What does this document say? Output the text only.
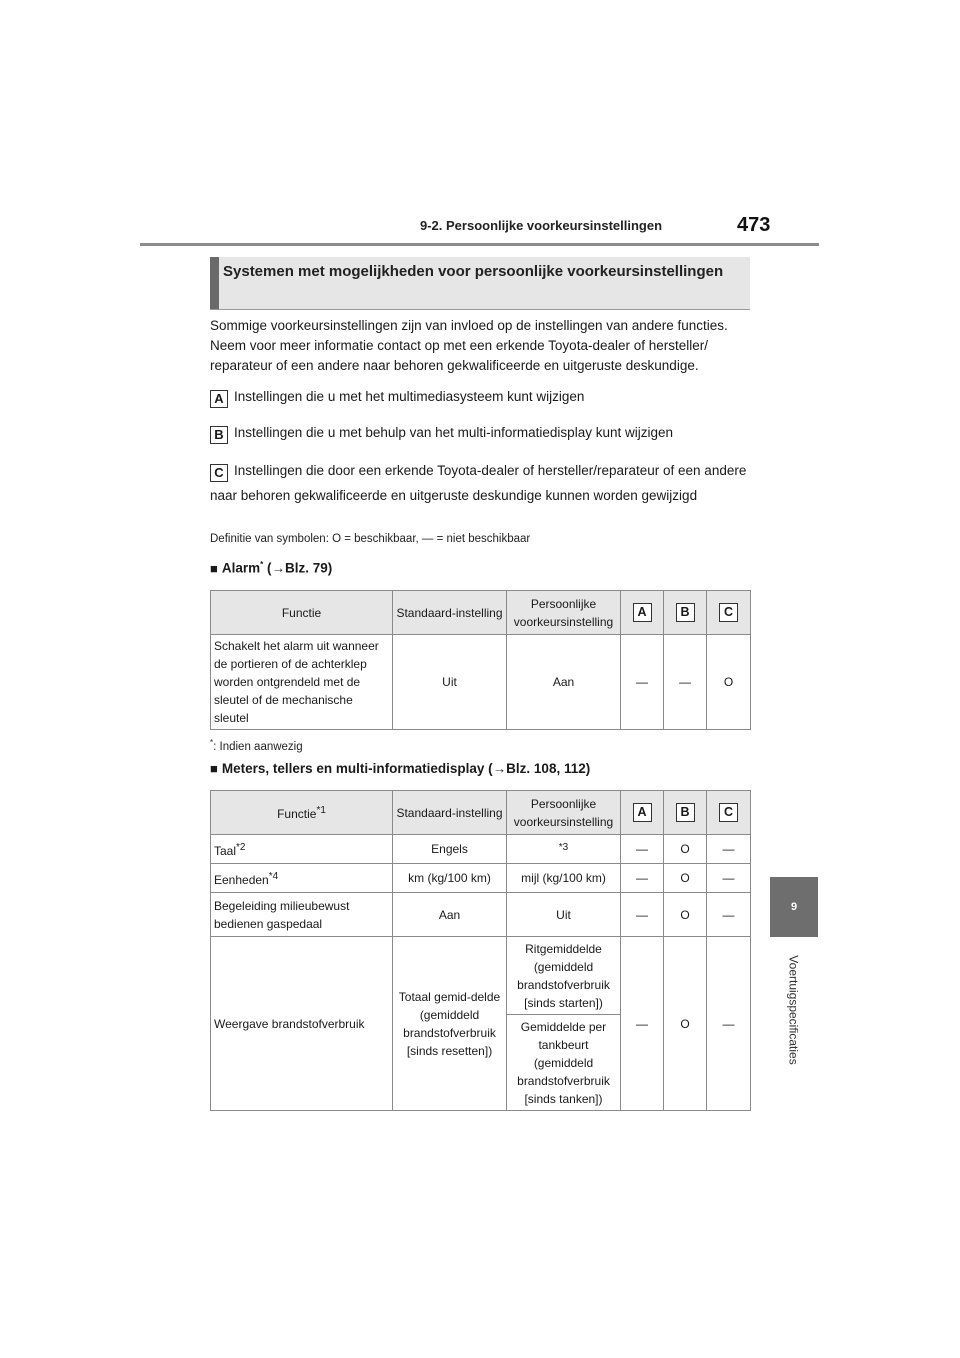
9-2. Persoonlijke voorkeursinstellingen	473
9
Voertuigspecificaties
Systemen met mogelijkheden voor persoonlijke voorkeursinstellingen
Sommige voorkeursinstellingen zijn van invloed op de instellingen van andere functies. Neem voor meer informatie contact op met een erkende Toyota-dealer of hersteller/ reparateur of een andere naar behoren gekwalificeerde en uitgeruste deskundige.
A Instellingen die u met het multimediasysteem kunt wijzigen
B Instellingen die u met behulp van het multi-informatiedisplay kunt wijzigen
C Instellingen die door een erkende Toyota-dealer of hersteller/reparateur of een andere naar behoren gekwalificeerde en uitgeruste deskundige kunnen worden gewijzigd
Definitie van symbolen: O = beschikbaar, — = niet beschikbaar
■ Alarm* (→Blz. 79)
Functie	Standaard-instelling	Persoonlijke voorkeursinstelling	A	B	C
Schakelt het alarm uit wanneer de portieren of de achterklep worden ontgrendeld met de sleutel of de mechanische sleutel	Uit	Aan	—	—	O
*: Indien aanwezig
■ Meters, tellers en multi-informatiedisplay (→Blz. 108, 112)
Functie$^{*1}$	Standaard-instelling	Persoonlijke voorkeursinstelling	A	B	C
Taal$^{*2}$	Engels	$^{*3}$	—	O	—
Eenheden$^{*4}$	km (kg/100 km)	mijl (kg/100 km)	—	O	—
Begeleiding milieubewust bedienen gaspedaal	Aan	Uit	—	O	—
Weergave brandstofverbruik	Totaal gemid-delde (gemiddeld brandstofverbruik [sinds resetten])	Ritgemiddelde (gemiddeld brandstofverbruik [sinds starten])	—	O	—
		Gemiddelde per tankbeurt (gemiddeld brandstofverbruik [sinds tanken])			
